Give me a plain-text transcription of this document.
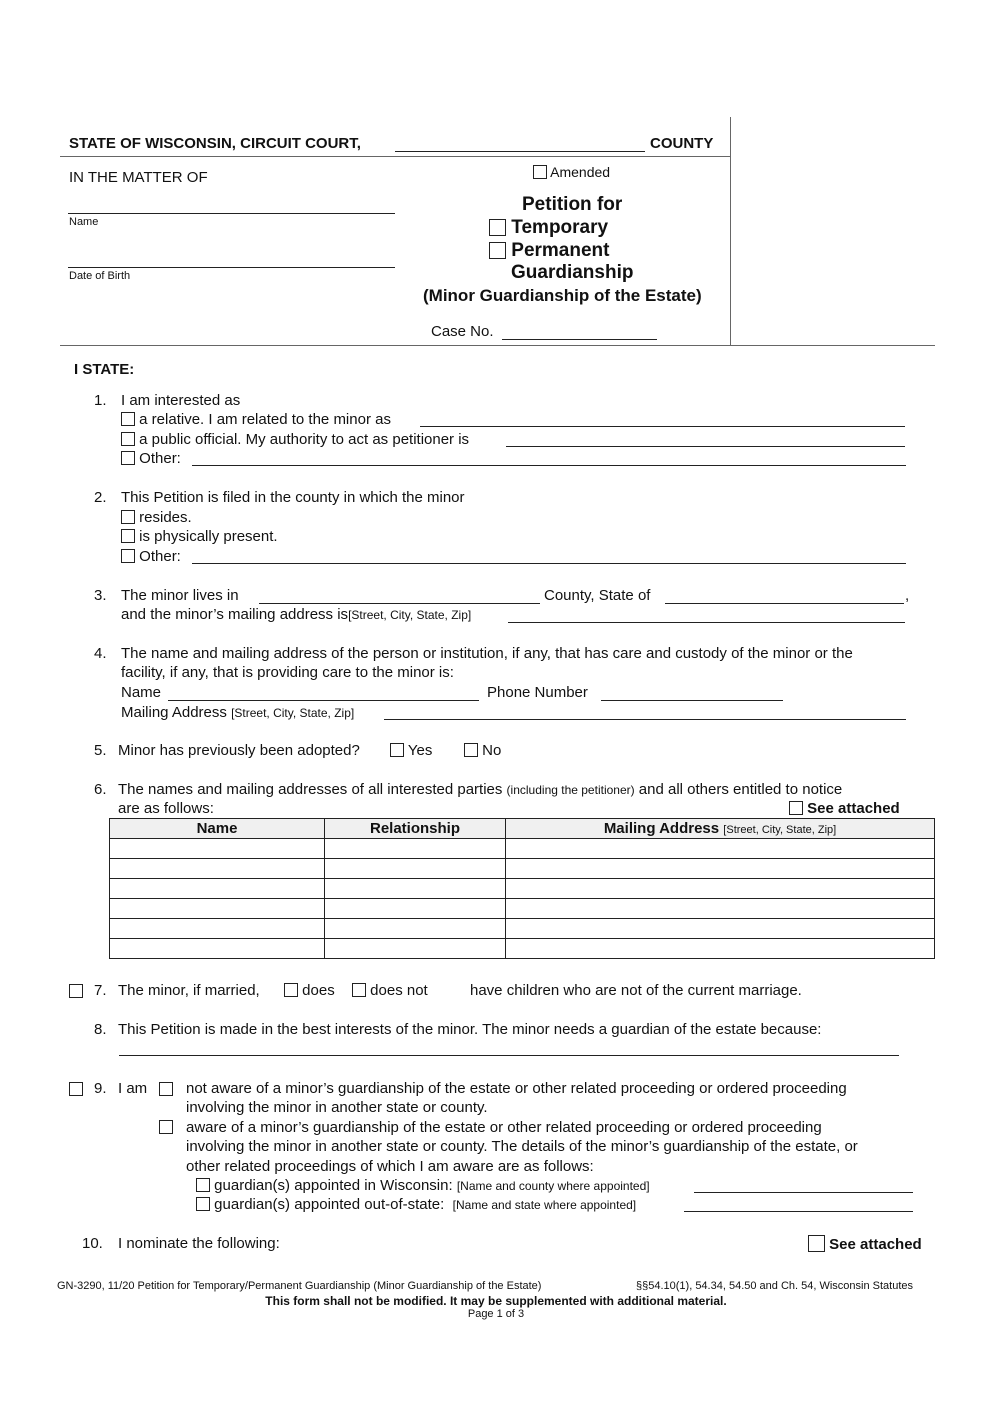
STATE OF WISCONSIN, CIRCUIT COURT,	COUNTY
IN THE MATTER OF
Name
Date of Birth
Amended
Petition for
Temporary
Permanent
Guardianship
(Minor Guardianship of the Estate)
Case No.
I STATE:
1. I am interested as
a relative. I am related to the minor as
a public official. My authority to act as petitioner is
Other:
2. This Petition is filed in the county in which the minor
resides.
is physically present.
Other:
3. The minor lives in	County, State of	,
and the minor’s mailing address is[Street, City, State, Zip]
4. The name and mailing address of the person or institution, if any, that has care and custody of the minor or the
facility, if any, that is providing care to the minor is:
Name	Phone Number
Mailing Address [Street, City, State, Zip]
5. Minor has previously been adopted?	Yes	No
6. The names and mailing addresses of all interested parties (including the petitioner) and all others entitled to notice
are as follows:	See attached
Name	Relationship	Mailing Address [Street, City, State, Zip]

7. The minor, if married,	does	does not	have children who are not of the current marriage.
8. This Petition is made in the best interests of the minor. The minor needs a guardian of the estate because:
9. I am	not aware of a minor’s guardianship of the estate or other related proceeding or ordered proceeding
involving the minor in another state or county.
aware of a minor’s guardianship of the estate or other related proceeding or ordered proceeding
involving the minor in another state or county. The details of the minor’s guardianship of the estate, or
other related proceedings of which I am aware are as follows:
guardian(s) appointed in Wisconsin: [Name and county where appointed]
guardian(s) appointed out-of-state: [Name and state where appointed]
10. I nominate the following:	See attached
GN-3290, 11/20 Petition for Temporary/Permanent Guardianship (Minor Guardianship of the Estate)	§§54.10(1), 54.34, 54.50 and Ch. 54, Wisconsin Statutes
This form shall not be modified. It may be supplemented with additional material.
Page 1 of 3
